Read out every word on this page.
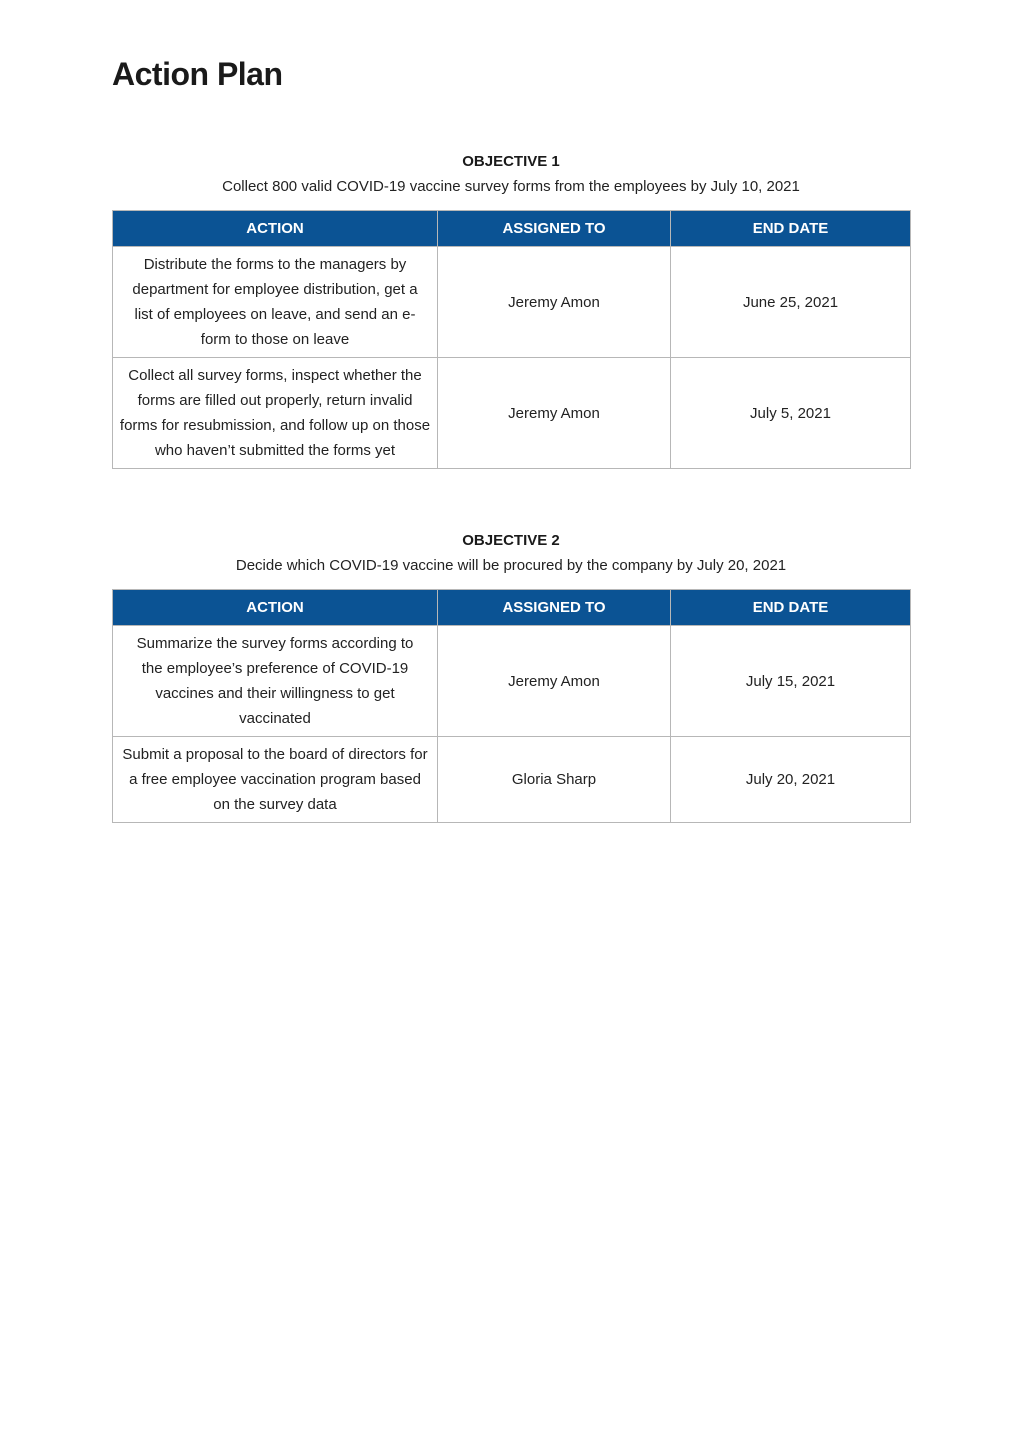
Action Plan
OBJECTIVE 1
Collect 800 valid COVID-19 vaccine survey forms from the employees by July 10, 2021
ACTION	ASSIGNED TO	END DATE
Distribute the forms to the managers by department for employee distribution, get a list of employees on leave, and send an e-form to those on leave	Jeremy Amon	June 25, 2021
Collect all survey forms, inspect whether the forms are filled out properly, return invalid forms for resubmission, and follow up on those who haven’t submitted the forms yet	Jeremy Amon	July 5, 2021
OBJECTIVE 2
Decide which COVID-19 vaccine will be procured by the company by July 20, 2021
ACTION	ASSIGNED TO	END DATE
Summarize the survey forms according to the employee’s preference of COVID-19 vaccines and their willingness to get vaccinated	Jeremy Amon	July 15, 2021
Submit a proposal to the board of directors for a free employee vaccination program based on the survey data	Gloria Sharp	July 20, 2021
